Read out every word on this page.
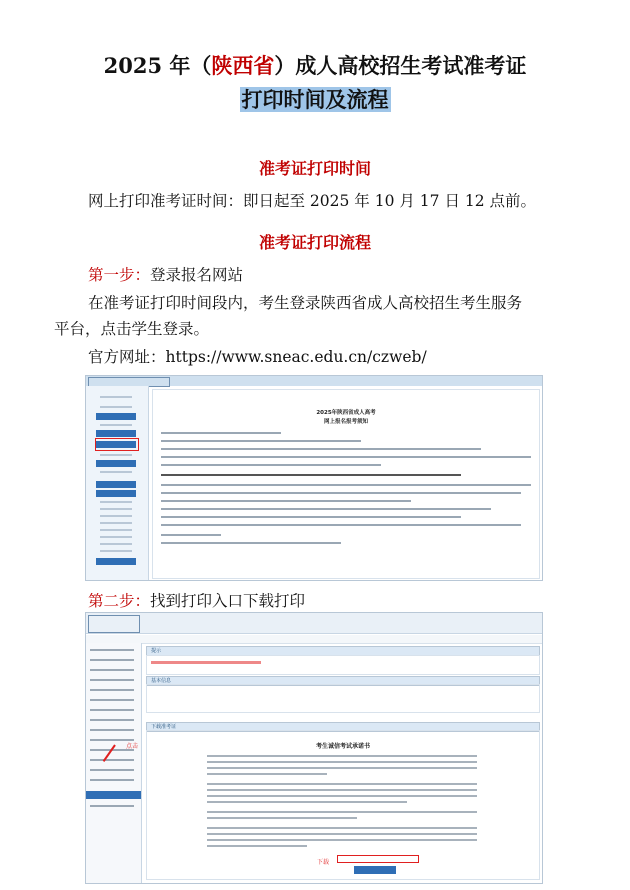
2025 年（陕西省）成人高校招生考试准考证
打印时间及流程
准考证打印时间
网上打印准考证时间：即日起至 2025 年 10 月 17 日 12 点前。
准考证打印流程
第一步：登录报名网站
在准考证打印时间段内，考生登录陕西省成人高校招生考生服务
平台，点击学生登录。
官方网址：https://www.sneac.edu.cn/czweb/
2025年陕西省成人高考
网上报名报考须知
第二步：找到打印入口下载打印
点击
提示
基本信息
下载准考证
考生诚信考试承诺书
下载
